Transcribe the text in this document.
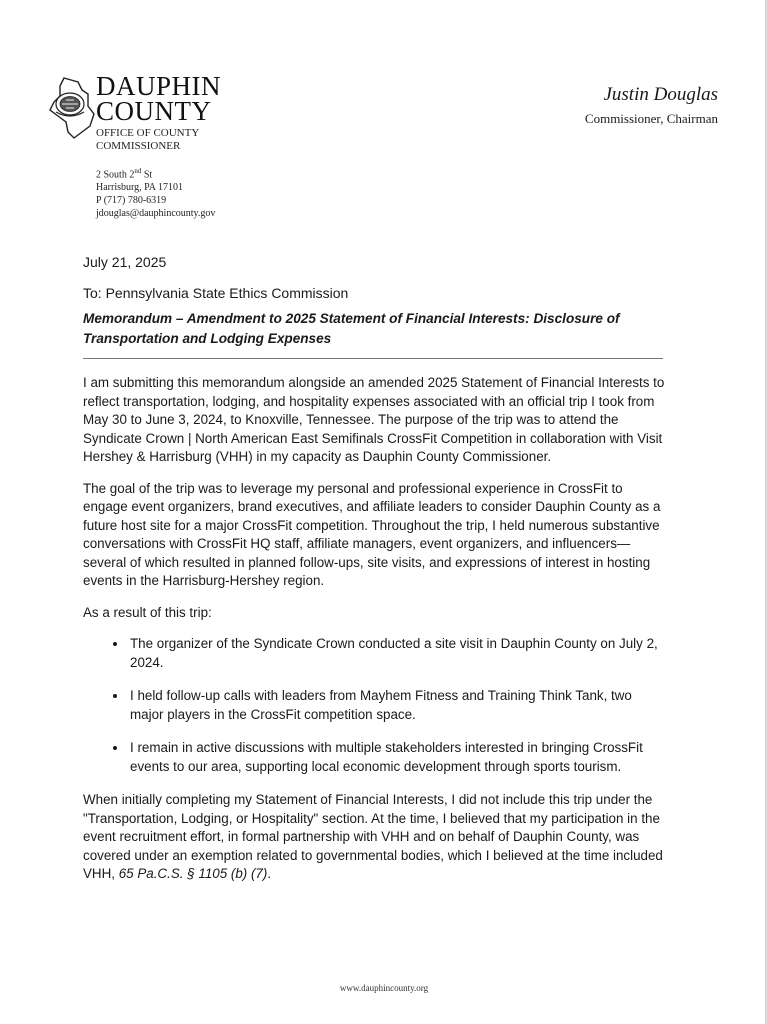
DAUPHIN
COUNTY
OFFICE OF COUNTY
COMMISSIONER
2 South 2nd St
Harrisburg, PA 17101
P (717) 780-6319
jdouglas@dauphincounty.gov
Justin Douglas
Commissioner, Chairman
July 21, 2025
To: Pennsylvania State Ethics Commission
Memorandum – Amendment to 2025 Statement of Financial Interests: Disclosure of
Transportation and Lodging Expenses

I am submitting this memorandum alongside an amended 2025 Statement of Financial Interests to reflect transportation, lodging, and hospitality expenses associated with an official trip I took from May 30 to June 3, 2024, to Knoxville, Tennessee. The purpose of the trip was to attend the Syndicate Crown | North American East Semifinals CrossFit Competition in collaboration with Visit Hershey & Harrisburg (VHH) in my capacity as Dauphin County Commissioner.

The goal of the trip was to leverage my personal and professional experience in CrossFit to engage event organizers, brand executives, and affiliate leaders to consider Dauphin County as a future host site for a major CrossFit competition. Throughout the trip, I held numerous substantive conversations with CrossFit HQ staff, affiliate managers, event organizers, and influencers—several of which resulted in planned follow-ups, site visits, and expressions of interest in hosting events in the Harrisburg-Hershey region.

As a result of this trip:

• The organizer of the Syndicate Crown conducted a site visit in Dauphin County on July 2, 2024.
• I held follow-up calls with leaders from Mayhem Fitness and Training Think Tank, two major players in the CrossFit competition space.
• I remain in active discussions with multiple stakeholders interested in bringing CrossFit events to our area, supporting local economic development through sports tourism.

When initially completing my Statement of Financial Interests, I did not include this trip under the "Transportation, Lodging, or Hospitality" section. At the time, I believed that my participation in the event recruitment effort, in formal partnership with VHH and on behalf of Dauphin County, was covered under an exemption related to governmental bodies, which I believed at the time included VHH, 65 Pa.C.S. § 1105 (b) (7).

www.dauphincounty.org
